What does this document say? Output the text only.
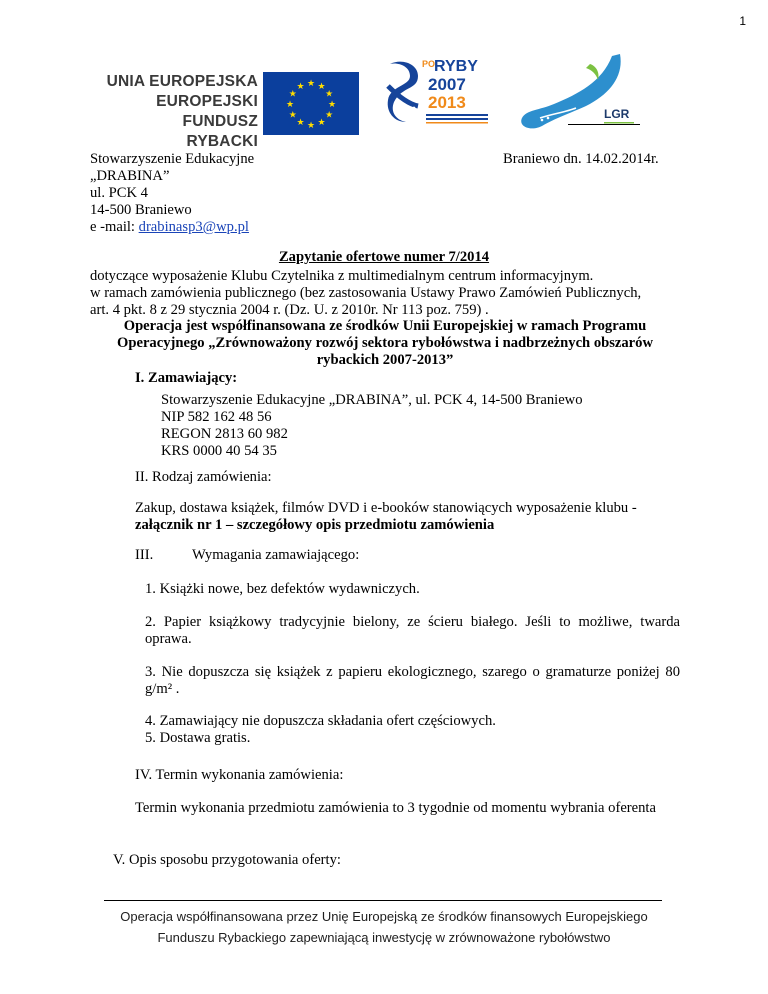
1
UNIA EUROPEJSKA
EUROPEJSKI FUNDUSZ
RYBACKI
★ ★
★
★
★
★
★
★
★
★
★
★
PO
RYBY
2007
2013
LGR
Stowarzyszenie Edukacyjne
„DRABINA”
ul. PCK 4
14-500 Braniewo
e -mail: drabinasp3@wp.pl
Braniewo dn. 14.02.2014r.
Zapytanie ofertowe numer 7/2014
dotyczące wyposażenie Klubu Czytelnika z multimedialnym centrum informacyjnym.
w ramach zamówienia publicznego (bez zastosowania Ustawy Prawo Zamówień Publicznych,
art. 4 pkt. 8 z 29 stycznia 2004 r. (Dz. U. z 2010r. Nr 113 poz. 759) .
Operacja jest współfinansowana ze środków Unii Europejskiej w ramach Programu
Operacyjnego „Zrównoważony rozwój sektora rybołówstwa i nadbrzeżnych obszarów
rybackich 2007-2013”
I. Zamawiający:
Stowarzyszenie Edukacyjne „DRABINA”, ul. PCK 4, 14-500 Braniewo
NIP 582 162 48 56
REGON 2813 60 982
KRS 0000 40 54 35
II. Rodzaj zamówienia:
Zakup, dostawa książek, filmów DVD i e-booków stanowiących wyposażenie klubu -
załącznik nr 1 – szczegółowy opis przedmiotu zamówienia
III.	Wymagania zamawiającego:
1. Książki nowe, bez defektów wydawniczych.
2. Papier książkowy tradycyjnie bielony, ze ścieru białego. Jeśli to możliwe, twarda oprawa.
3. Nie dopuszcza się książek z papieru ekologicznego, szarego o gramaturze poniżej 80 g/m² .
4. Zamawiający nie dopuszcza składania ofert częściowych.
5. Dostawa gratis.
IV. Termin wykonania zamówienia:
Termin wykonania przedmiotu zamówienia to 3 tygodnie od momentu wybrania oferenta
V. Opis sposobu przygotowania oferty:
Operacja współfinansowana przez Unię Europejską ze środków finansowych Europejskiego
Funduszu Rybackiego zapewniającą inwestycję w zrównoważone rybołówstwo
